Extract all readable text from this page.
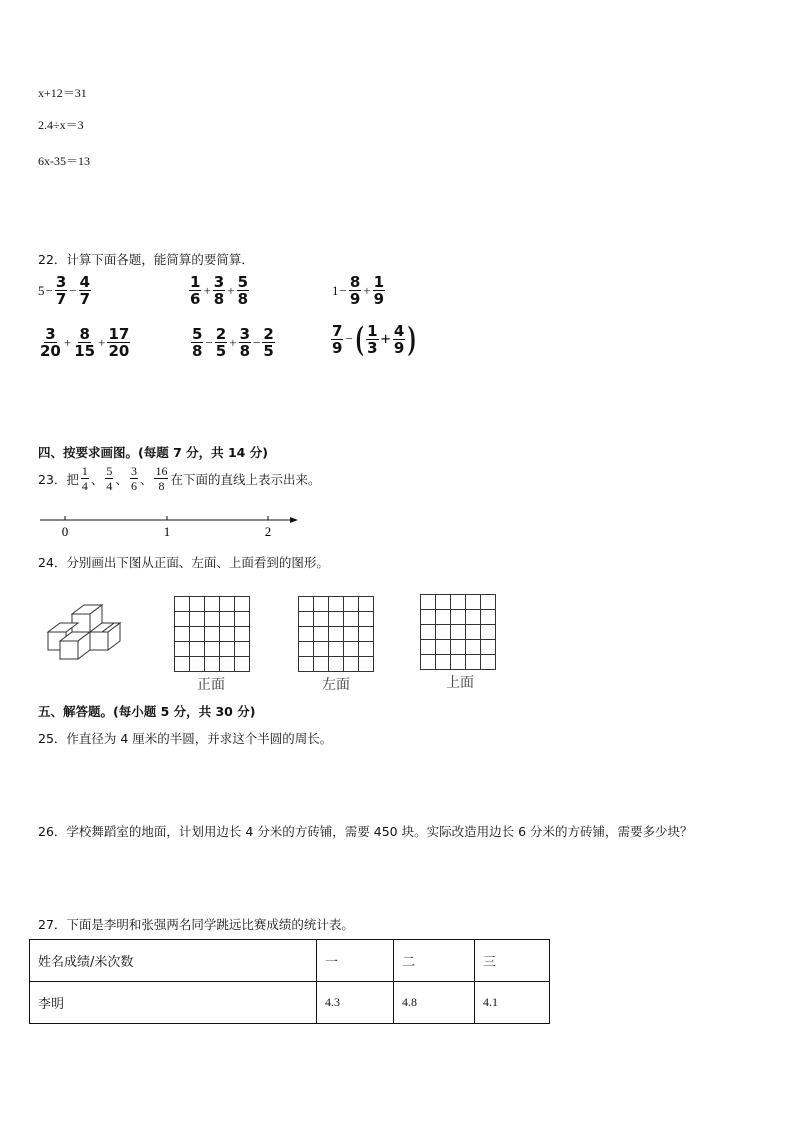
x+12＝31
2.4÷x＝3
6x-35＝13
22．计算下面各题，能简算的要简算．
$5 - \frac{3}{7} - \frac{4}{7}$	$\frac{1}{6} + \frac{3}{8} + \frac{5}{8}$	$1 - \frac{8}{9} + \frac{1}{9}$
$\frac{3}{20} + \frac{8}{15} + \frac{17}{20}$	$\frac{5}{8} - \frac{2}{5} + \frac{3}{8} - \frac{2}{5}$	$\frac{7}{9}$ − ( $\frac{1}{3} + \frac{4}{9}$ )
四、按要求画图。(每题 7 分，共 14 分)
23．把
1
4 、
5
4 、
3
6 、
16
8 在下面的直线上表示出来。
0	1	2
24．分别画出下图从正面、左面、上面看到的图形。
正面	左面	上面
五、解答题。(每小题 5 分，共 30 分)
25．作直径为 4 厘米的半圆，并求这个半圆的周长。
26．学校舞蹈室的地面，计划用边长 4 分米的方砖铺，需要 450 块。实际改造用边长 6 分米的方砖铺，需要多少块？
27．下面是李明和张强两名同学跳远比赛成绩的统计表。
姓名成绩/米次数	一	二	三
李明	4.3	4.8	4.1
